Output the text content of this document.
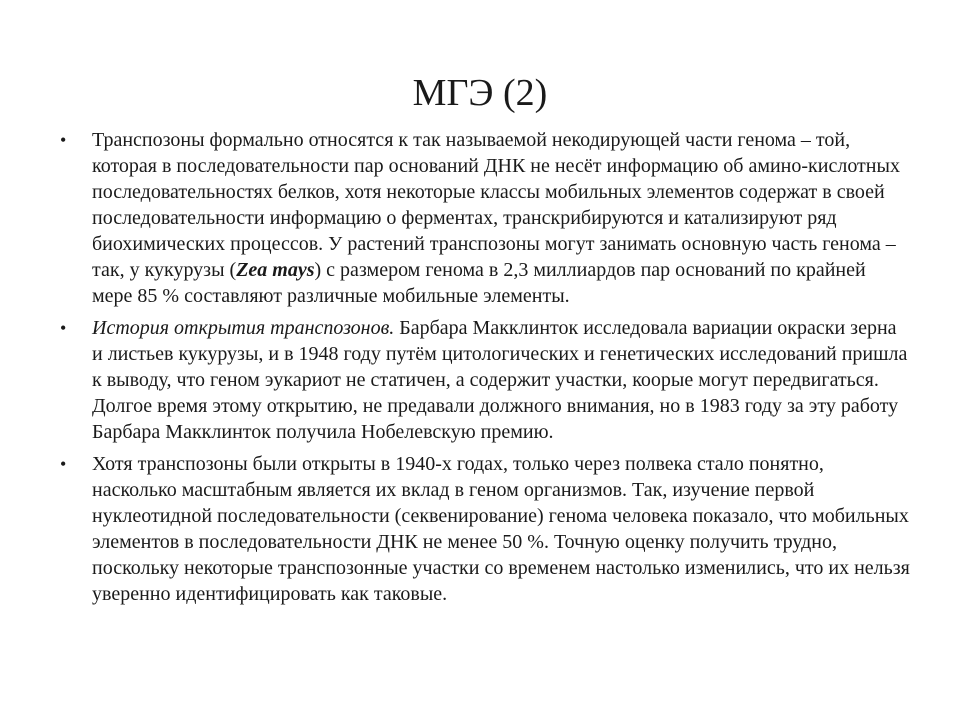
МГЭ (2)
• Транспозоны формально относятся к так называемой некодирующей части генома – той, которая в последовательности пар оснований ДНК не несёт информацию об амино-кислотных последовательностях белков, хотя некоторые классы мобильных элементов содержат в своей последовательности информацию о ферментах, транскрибируются и катализируют ряд биохимических процессов. У растений транспозоны могут занимать основную часть генома – так, у кукурузы (Zea mays) с размером генома в 2,3 миллиардов пар оснований по крайней мере 85 % составляют различные мобильные элементы.
• История открытия транспозонов. Барбара Макклинток исследовала вариации окраски зерна и листьев кукурузы, и в 1948 году путём цитологических и генетических исследований пришла к выводу, что геном эукариот не статичен, а содержит участки, коорые могут передвигаться. Долгое время этому открытию, не предавали должного внимания, но в 1983 году за эту работу Барбара Макклинток получила Нобелевскую премию.
• Хотя транспозоны были открыты в 1940-х годах, только через полвека стало понятно, насколько масштабным является их вклад в геном организмов. Так, изучение первой нуклеотидной последовательности (секвенирование) генома человека показало, что мобильных элементов в последовательности ДНК не менее 50 %. Точную оценку получить трудно, поскольку некоторые транспозонные участки со временем настолько изменились, что их нельзя уверенно идентифицировать как таковые.
